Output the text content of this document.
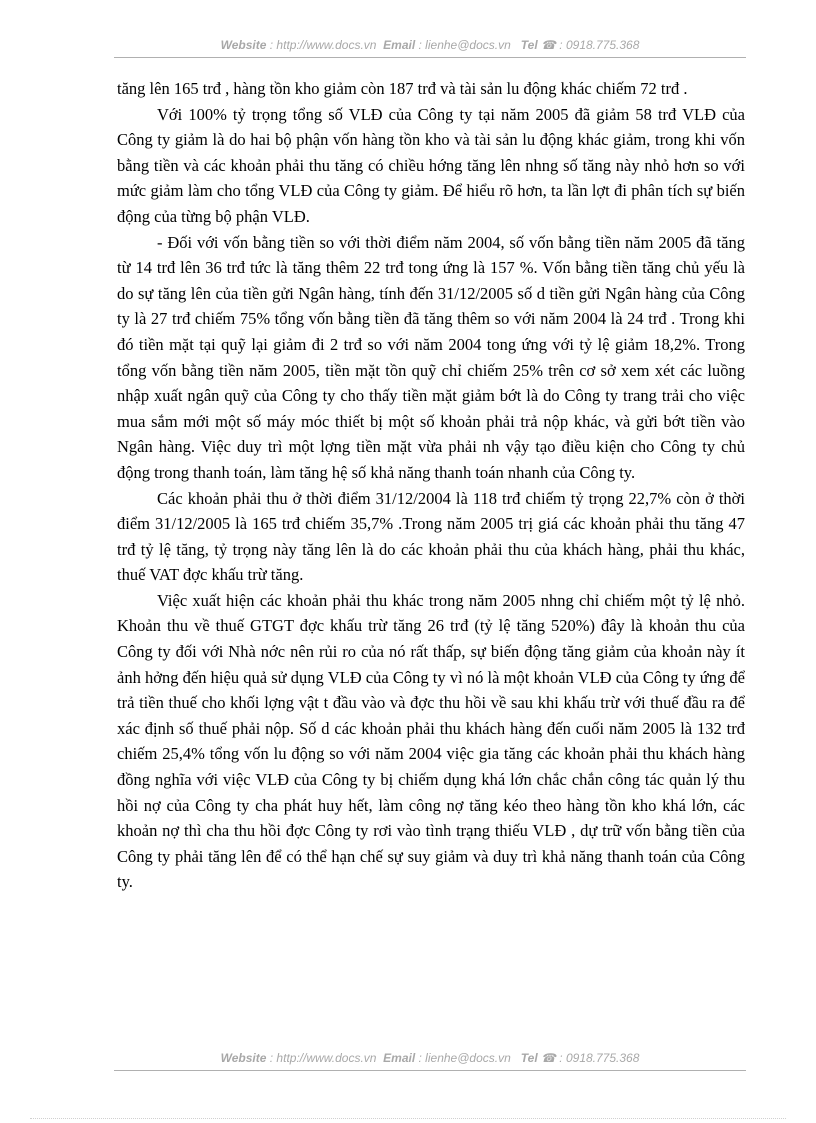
Website : http://www.docs.vn Email : lienhe@docs.vn Tel ☎ : 0918.775.368

tăng lên 165 trđ , hàng tồn kho giảm còn 187 trđ và tài sản lu động khác chiếm 72 trđ .

Với 100% tỷ trọng tổng số VLĐ của Công ty tại năm 2005 đã giảm 58 trđ VLĐ của Công ty giảm là do hai bộ phận vốn hàng tồn kho và tài sản lu động khác giảm, trong khi vốn bằng tiền và các khoản phải thu tăng có chiều hớng tăng lên nhng số tăng này nhỏ hơn so với mức giảm làm cho tổng VLĐ của Công ty giảm. Để hiểu rõ hơn, ta lần lợt đi phân tích sự biến động của từng bộ phận VLĐ.

- Đối với vốn bằng tiền so với thời điểm năm 2004, số vốn bằng tiền năm 2005 đã tăng từ 14 trđ lên 36 trđ tức là tăng thêm 22 trđ tong ứng là 157 %. Vốn bằng tiền tăng chủ yếu là do sự tăng lên của tiền gửi Ngân hàng, tính đến 31/12/2005 số d tiền gửi Ngân hàng của Công ty là 27 trđ chiếm 75% tổng vốn bằng tiền đã tăng thêm so với năm 2004 là 24 trđ . Trong khi đó tiền mặt tại quỹ lại giảm đi 2 trđ so với năm 2004 tong ứng với tỷ lệ giảm 18,2%. Trong tổng vốn bằng tiền năm 2005, tiền mặt tồn quỹ chỉ chiếm 25% trên cơ sở xem xét các luồng nhập xuất ngân quỹ của Công ty cho thấy tiền mặt giảm bớt là do Công ty trang trải cho việc mua sắm mới một số máy móc thiết bị một số khoản phải trả nộp khác, và gửi bớt tiền vào Ngân hàng. Việc duy trì một lợng tiền mặt vừa phải nh vậy tạo điều kiện cho Công ty chủ động trong thanh toán, làm tăng hệ số khả năng thanh toán nhanh của Công ty.

Các khoản phải thu ở thời điểm 31/12/2004 là 118 trđ chiếm tỷ trọng 22,7% còn ở thời điểm 31/12/2005 là 165 trđ chiếm 35,7% .Trong năm 2005 trị giá các khoản phải thu tăng 47 trđ tỷ lệ tăng, tỷ trọng này tăng lên là do các khoản phải thu của khách hàng, phải thu khác, thuế VAT đợc khấu trừ tăng.

Việc xuất hiện các khoản phải thu khác trong năm 2005 nhng chỉ chiếm một tỷ lệ nhỏ. Khoản thu về thuế GTGT đợc khấu trừ tăng 26 trđ (tỷ lệ tăng 520%) đây là khoản thu của Công ty đối với Nhà nớc nên rủi ro của nó rất thấp, sự biến động tăng giảm của khoản này ít ảnh hởng đến hiệu quả sử dụng VLĐ của Công ty vì nó là một khoản VLĐ của Công ty ứng để trả tiền thuế cho khối lợng vật t đầu vào và đợc thu hồi về sau khi khấu trừ với thuế đầu ra để xác định số thuế phải nộp. Số d các khoản phải thu khách hàng đến cuối năm 2005 là 132 trđ chiếm 25,4% tổng vốn lu động so với năm 2004 việc gia tăng các khoản phải thu khách hàng đồng nghĩa với việc VLĐ của Công ty bị chiếm dụng khá lớn chắc chắn công tác quản lý thu hồi nợ của Công ty cha phát huy hết, làm công nợ tăng kéo theo hàng tồn kho khá lớn, các khoản nợ thì cha thu hồi đợc Công ty rơi vào tình trạng thiếu VLĐ , dự trữ vốn bằng tiền của Công ty phải tăng lên để có thể hạn chế sự suy giảm và duy trì khả năng thanh toán của Công ty.

Website : http://www.docs.vn Email : lienhe@docs.vn Tel ☎ : 0918.775.368
